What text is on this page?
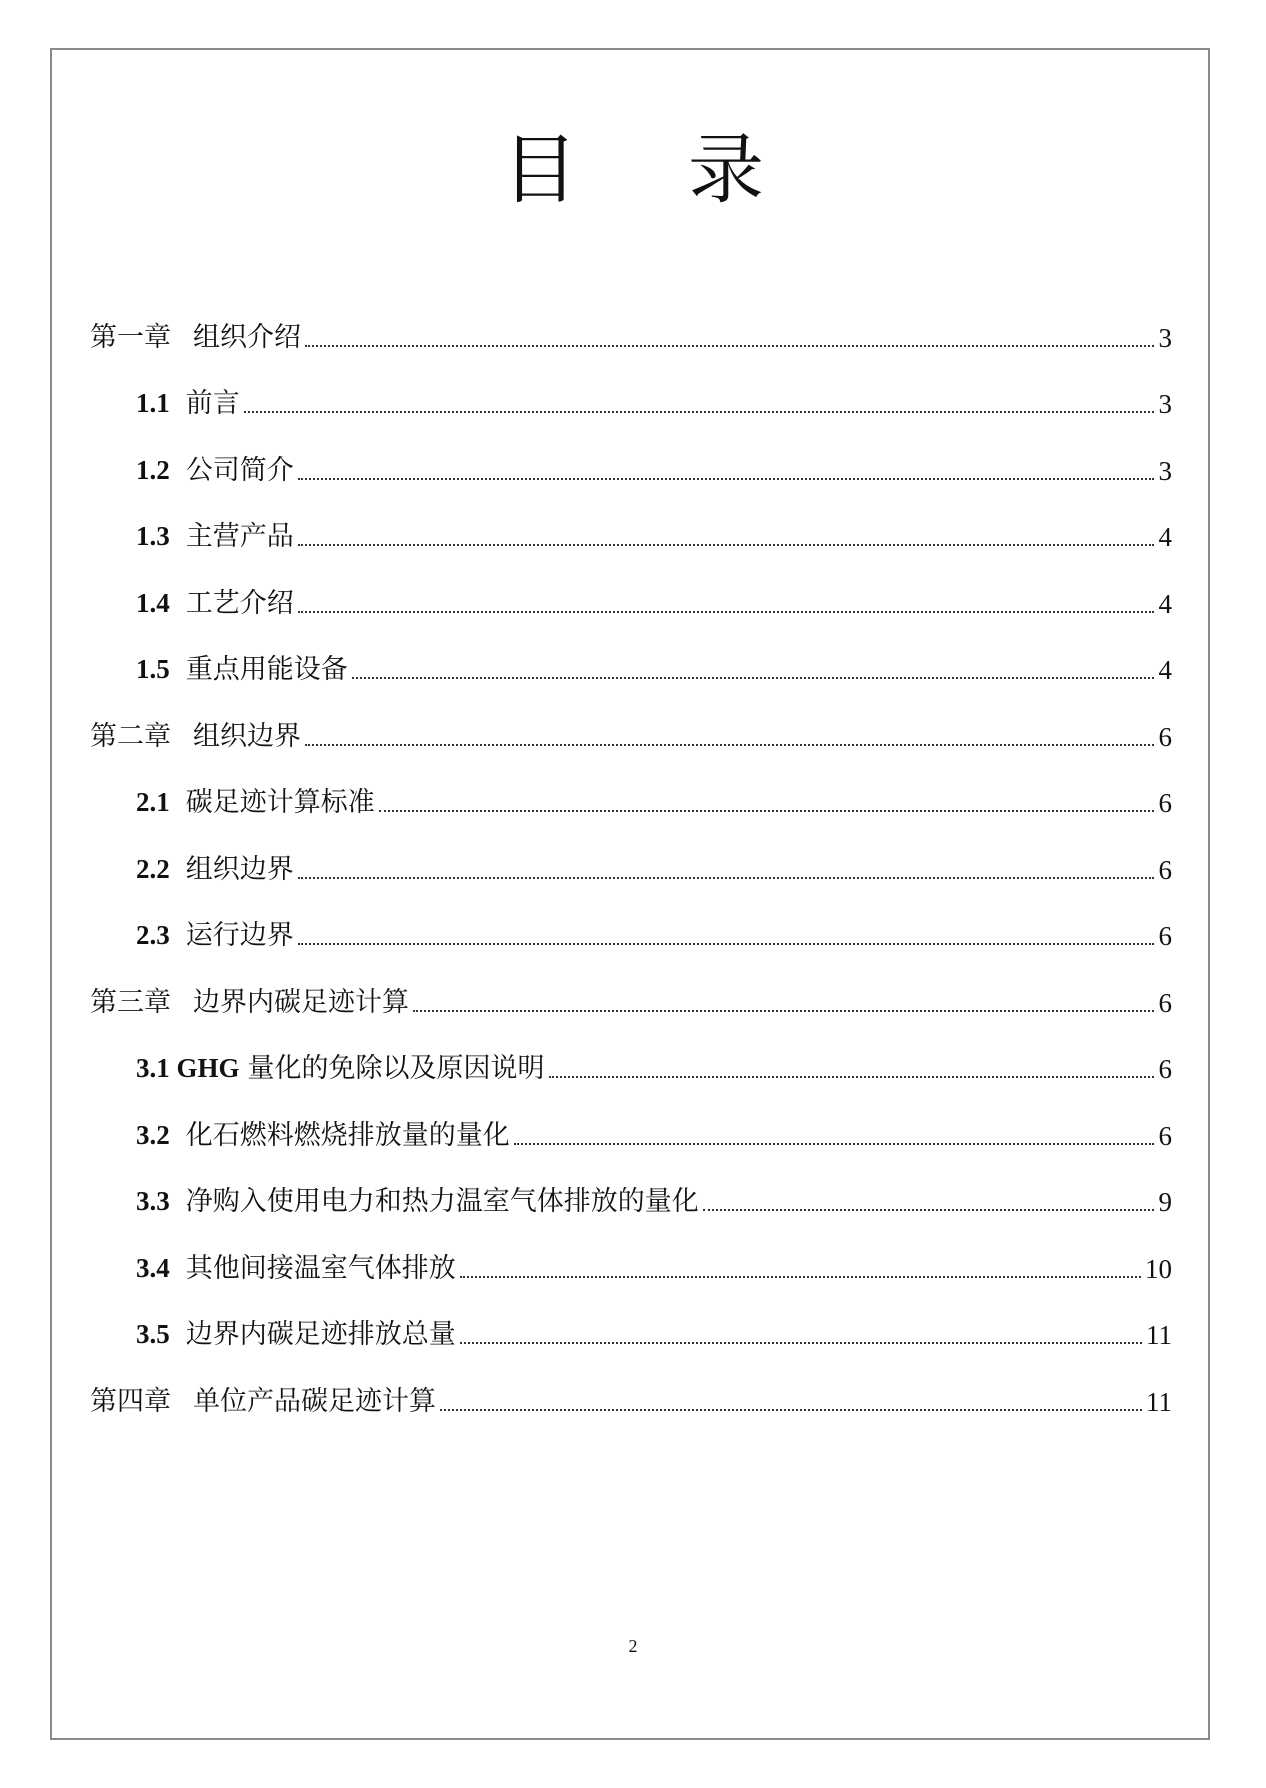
目 录
第一章 组织介绍	3
1.1 前言	3
1.2 公司简介	3
1.3 主营产品	4
1.4 工艺介绍	4
1.5 重点用能设备	4
第二章 组织边界	6
2.1 碳足迹计算标准	6
2.2 组织边界	6
2.3 运行边界	6
第三章 边界内碳足迹计算	6
3.1 GHG 量化的免除以及原因说明	6
3.2 化石燃料燃烧排放量的量化	6
3.3 净购入使用电力和热力温室气体排放的量化	9
3.4 其他间接温室气体排放	10
3.5 边界内碳足迹排放总量	11
第四章 单位产品碳足迹计算	11
2
